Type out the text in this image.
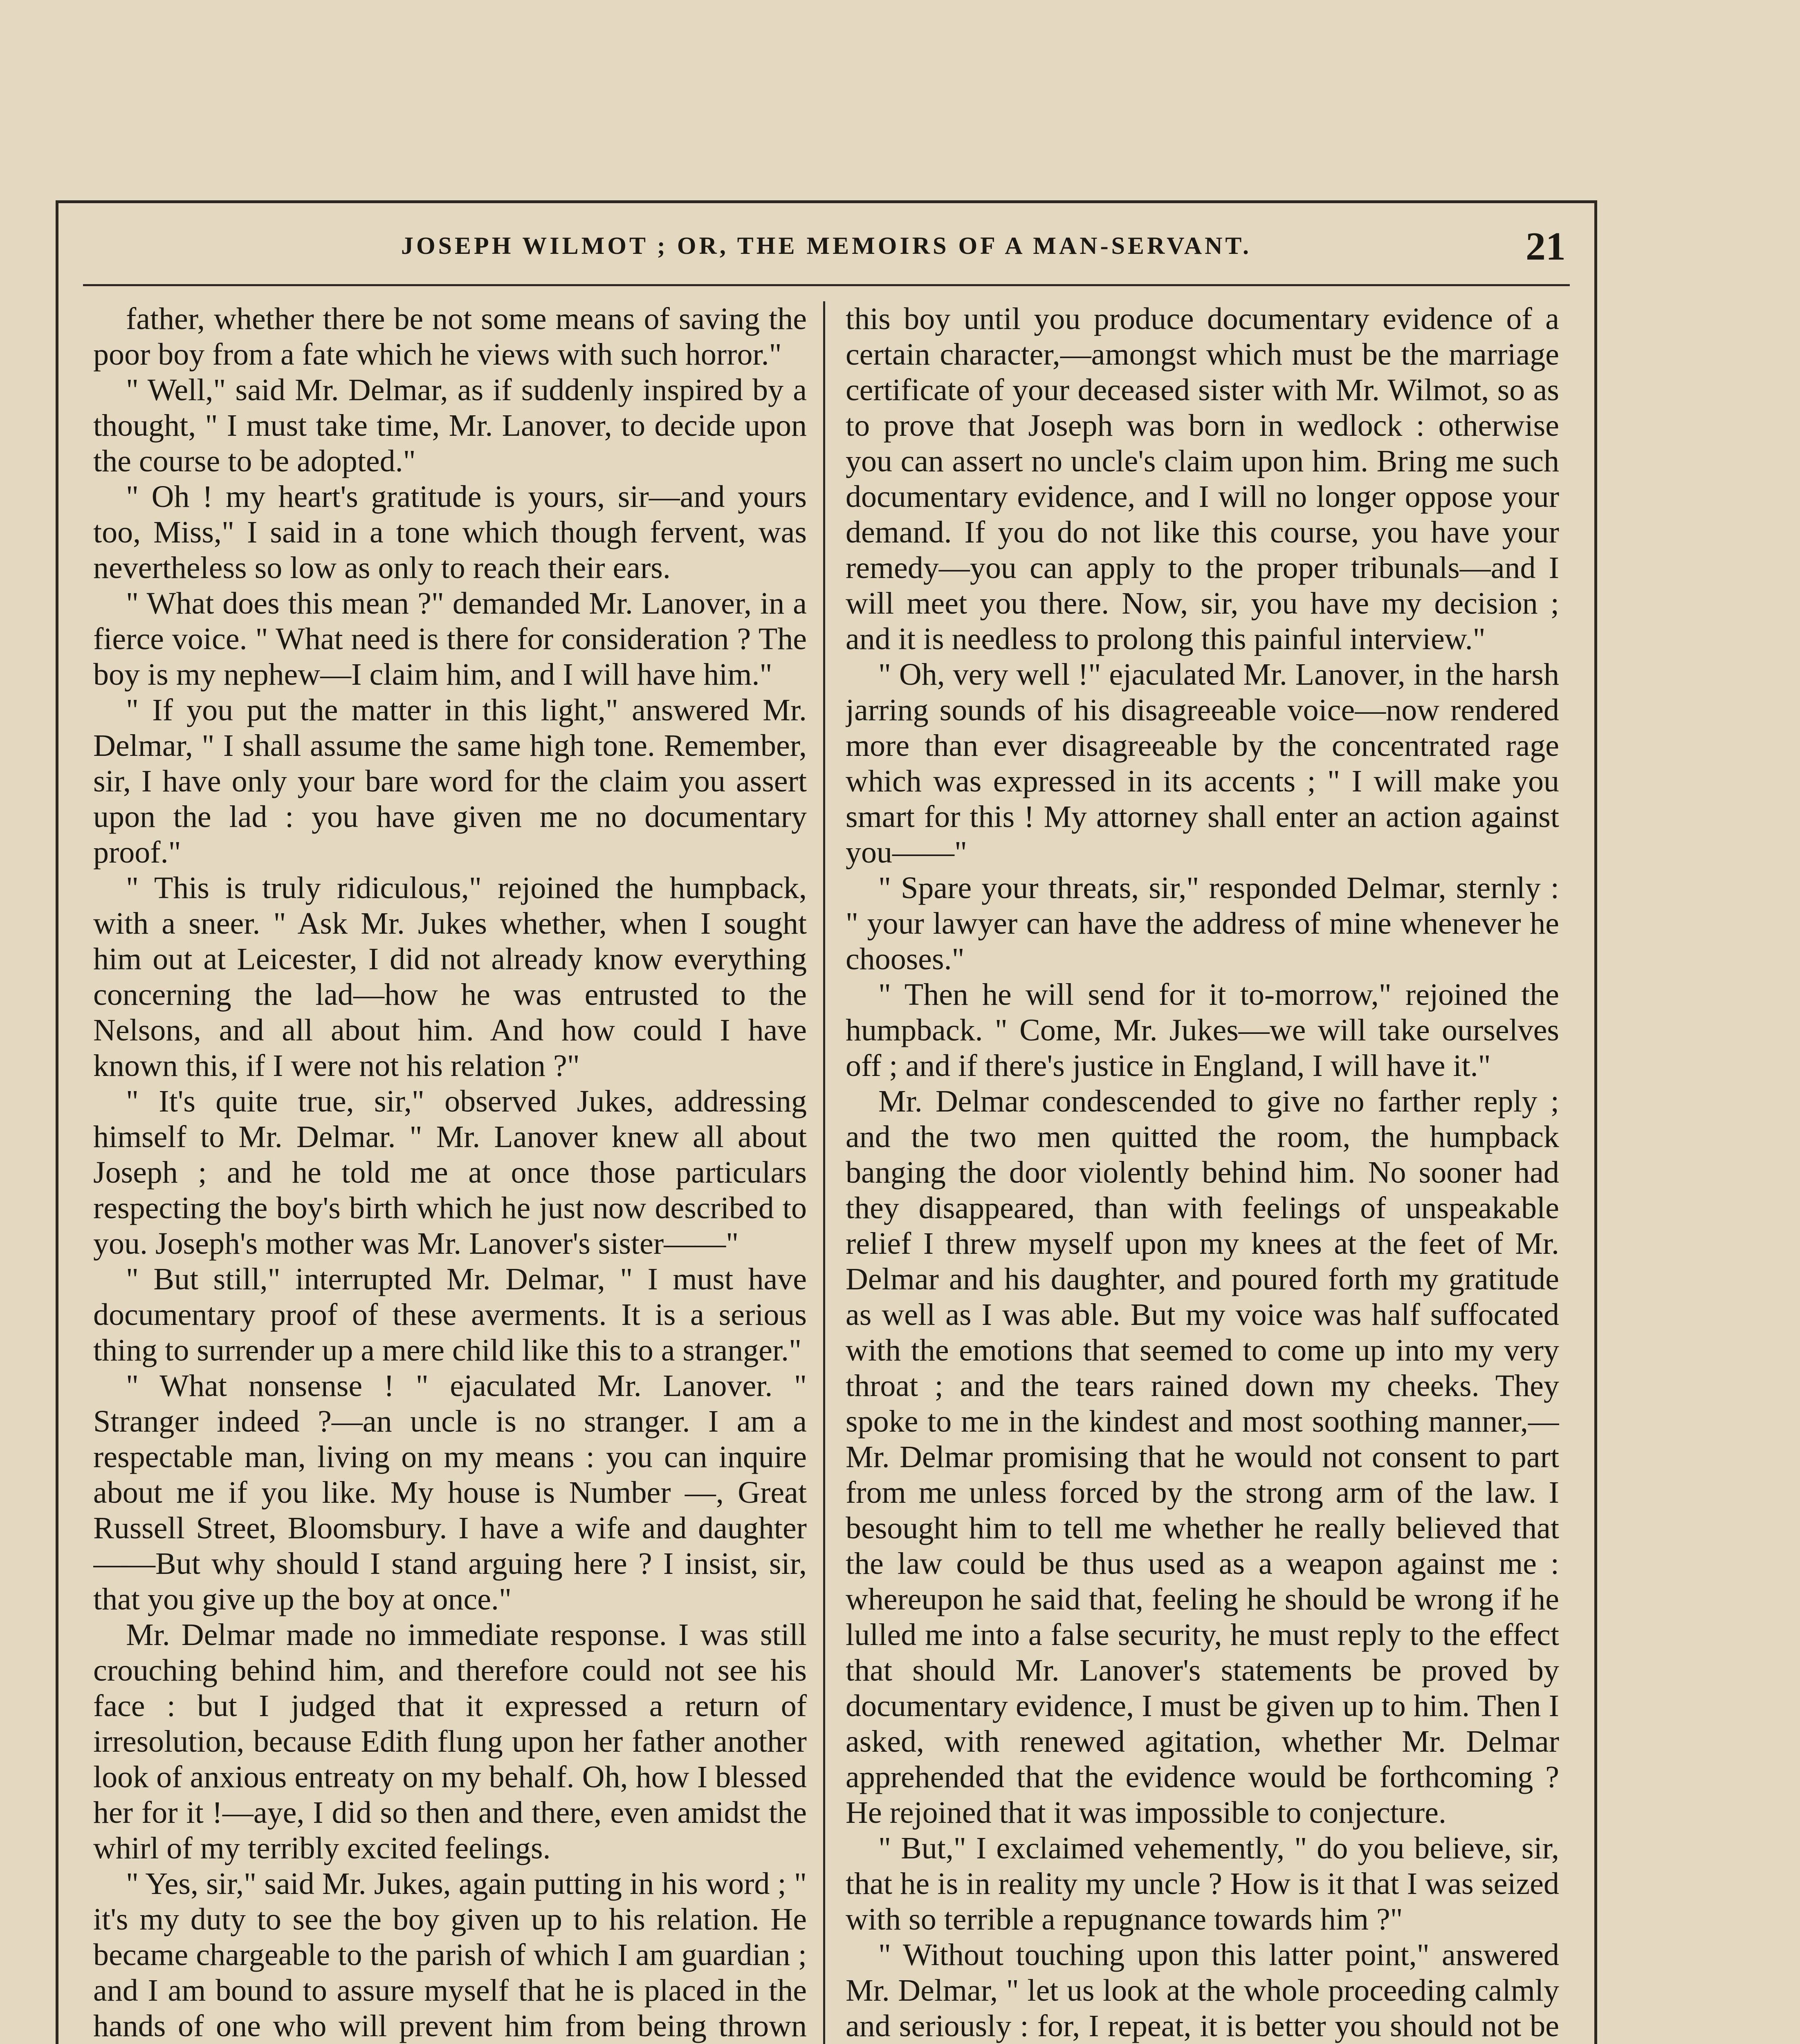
JOSEPH WILMOT ; OR, THE MEMOIRS OF A MAN-SERVANT.	21

father, whether there be not some means of saving the poor boy from a fate which he views with such horror."

" Well," said Mr. Delmar, as if suddenly inspired by a thought, " I must take time, Mr. Lanover, to decide upon the course to be adopted."

" Oh ! my heart's gratitude is yours, sir—and yours too, Miss," I said in a tone which though fervent, was nevertheless so low as only to reach their ears.

" What does this mean ?" demanded Mr. Lanover, in a fierce voice. " What need is there for consideration ? The boy is my nephew—I claim him, and I will have him."

" If you put the matter in this light," answered Mr. Delmar, " I shall assume the same high tone. Remember, sir, I have only your bare word for the claim you assert upon the lad : you have given me no documentary proof."

" This is truly ridiculous," rejoined the humpback, with a sneer. " Ask Mr. Jukes whether, when I sought him out at Leicester, I did not already know everything concerning the lad—how he was entrusted to the Nelsons, and all about him. And how could I have known this, if I were not his relation ?"

" It's quite true, sir," observed Jukes, addressing himself to Mr. Delmar. " Mr. Lanover knew all about Joseph ; and he told me at once those particulars respecting the boy's birth which he just now described to you. Joseph's mother was Mr. Lanover's sister——"

" But still," interrupted Mr. Delmar, " I must have documentary proof of these averments. It is a serious thing to surrender up a mere child like this to a stranger."

" What nonsense ! " ejaculated Mr. Lanover. " Stranger indeed ?—an uncle is no stranger. I am a respectable man, living on my means : you can inquire about me if you like. My house is Number —, Great Russell Street, Bloomsbury. I have a wife and daughter——But why should I stand arguing here ? I insist, sir, that you give up the boy at once."

Mr. Delmar made no immediate response. I was still crouching behind him, and therefore could not see his face : but I judged that it expressed a return of irresolution, because Edith flung upon her father another look of anxious entreaty on my behalf. Oh, how I blessed her for it !—aye, I did so then and there, even amidst the whirl of my terribly excited feelings.

" Yes, sir," said Mr. Jukes, again putting in his word ; " it's my duty to see the boy given up to his relation. He became chargeable to the parish of which I am guardian ; and I am bound to assure myself that he is placed in the hands of one who will prevent him from being thrown

this boy until you produce documentary evidence of a certain character,—amongst which must be the marriage certificate of your deceased sister with Mr. Wilmot, so as to prove that Joseph was born in wedlock : otherwise you can assert no uncle's claim upon him. Bring me such documentary evidence, and I will no longer oppose your demand. If you do not like this course, you have your remedy—you can apply to the proper tribunals—and I will meet you there. Now, sir, you have my decision ; and it is needless to prolong this painful interview."

" Oh, very well !" ejaculated Mr. Lanover, in the harsh jarring sounds of his disagreeable voice—now rendered more than ever disagreeable by the concentrated rage which was expressed in its accents ; " I will make you smart for this ! My attorney shall enter an action against you——"

" Spare your threats, sir," responded Delmar, sternly : " your lawyer can have the address of mine whenever he chooses."

" Then he will send for it to-morrow," rejoined the humpback. " Come, Mr. Jukes—we will take ourselves off ; and if there's justice in England, I will have it."

Mr. Delmar condescended to give no farther reply ; and the two men quitted the room, the humpback banging the door violently behind him. No sooner had they disappeared, than with feelings of unspeakable relief I threw myself upon my knees at the feet of Mr. Delmar and his daughter, and poured forth my gratitude as well as I was able. But my voice was half suffocated with the emotions that seemed to come up into my very throat ; and the tears rained down my cheeks. They spoke to me in the kindest and most soothing manner,—Mr. Delmar promising that he would not consent to part from me unless forced by the strong arm of the law. I besought him to tell me whether he really believed that the law could be thus used as a weapon against me : whereupon he said that, feeling he should be wrong if he lulled me into a false security, he must reply to the effect that should Mr. Lanover's statements be proved by documentary evidence, I must be given up to him. Then I asked, with renewed agitation, whether Mr. Delmar apprehended that the evidence would be forthcoming ? He rejoined that it was impossible to conjecture.

" But," I exclaimed vehemently, " do you believe, sir, that he is in reality my uncle ? How is it that I was seized with so terrible a repugnance towards him ?"

" Without touching upon this latter point," answered Mr. Delmar, " let us look at the whole proceeding calmly and seriously : for, I repeat, it is better you should not be
